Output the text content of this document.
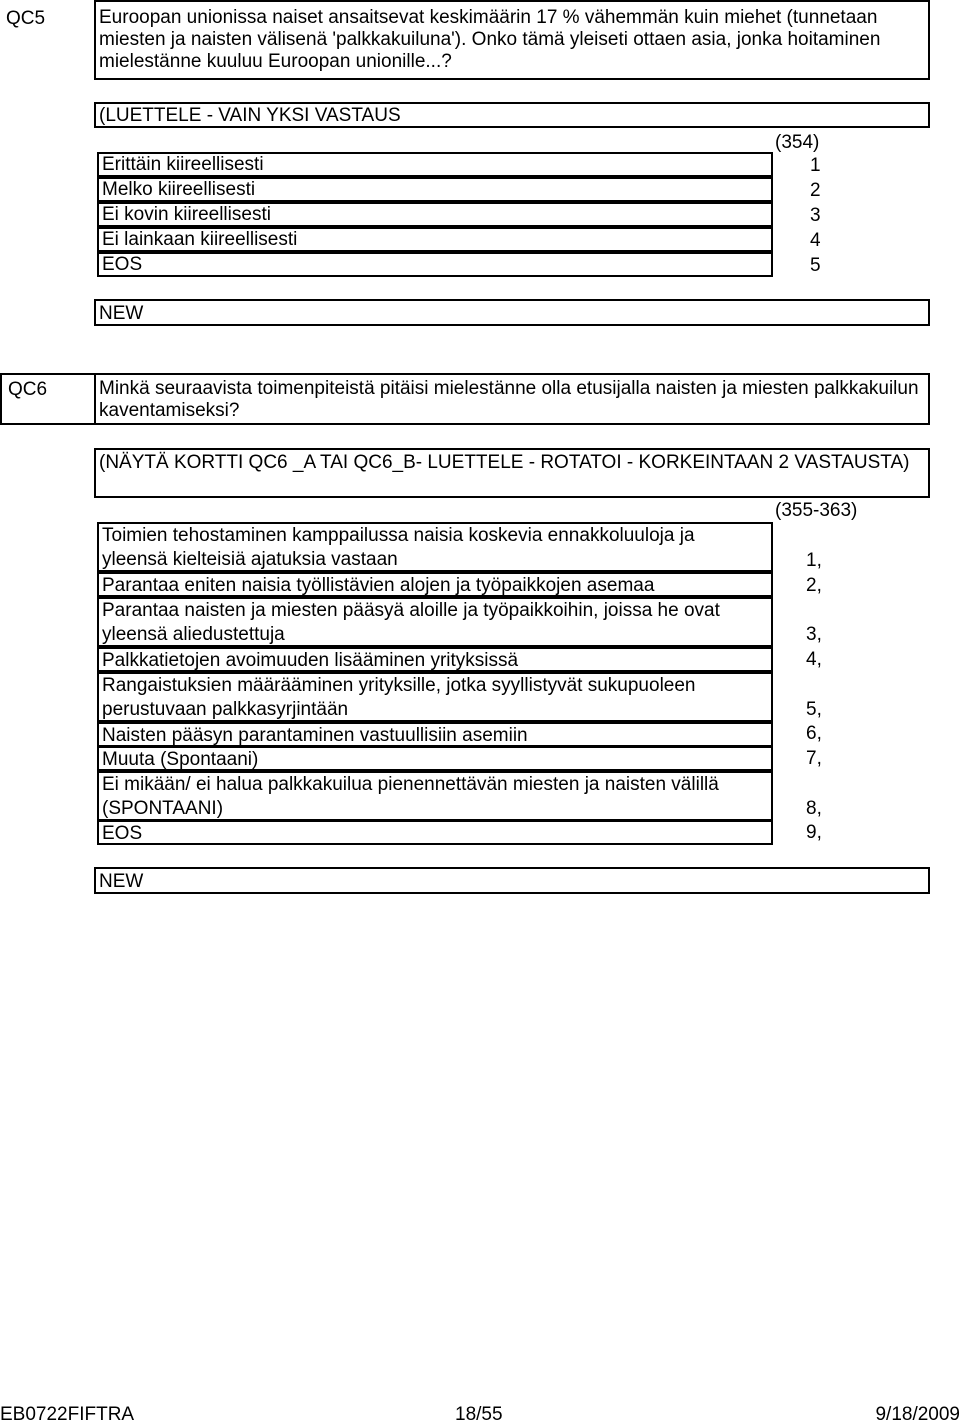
QC5	Euroopan unionissa naiset ansaitsevat keskimäärin 17 % vähemmän kuin miehet (tunnetaan miesten ja naisten välisenä 'palkkakuiluna'). Onko tämä yleiseti ottaen asia, jonka hoitaminen mielestänne kuuluu Euroopan unionille...?
(LUETTELE - VAIN YKSI VASTAUS
(354)
Erittäin kiireellisesti	1
Melko kiireellisesti	2
Ei kovin kiireellisesti	3
Ei lainkaan kiireellisesti	4
EOS	5
NEW
QC6	Minkä seuraavista toimenpiteistä pitäisi mielestänne olla etusijalla naisten ja miesten palkkakuilun kaventamiseksi?
(NÄYTÄ KORTTI QC6 _A TAI QC6_B- LUETTELE - ROTATOI - KORKEINTAAN 2 VASTAUSTA)
(355-363)
Toimien tehostaminen kamppailussa naisia koskevia ennakkoluuloja ja
yleensä kielteisiä ajatuksia vastaan	1,
Parantaa eniten naisia työllistävien alojen ja työpaikkojen asemaa	2,
Parantaa naisten ja miesten pääsyä aloille ja työpaikkoihin, joissa he ovat
yleensä aliedustettuja	3,
Palkkatietojen avoimuuden lisääminen yrityksissä	4,
Rangaistuksien määrääminen yrityksille, jotka syyllistyvät sukupuoleen
perustuvaan palkkasyrjintään	5,
Naisten pääsyn parantaminen vastuullisiin asemiin	6,
Muuta (Spontaani)	7,
Ei mikään/ ei halua palkkakuilua pienennettävän miesten ja naisten välillä
(SPONTAANI)	8,
EOS	9,
NEW
EB0722FIFTRA	18/55	9/18/2009
